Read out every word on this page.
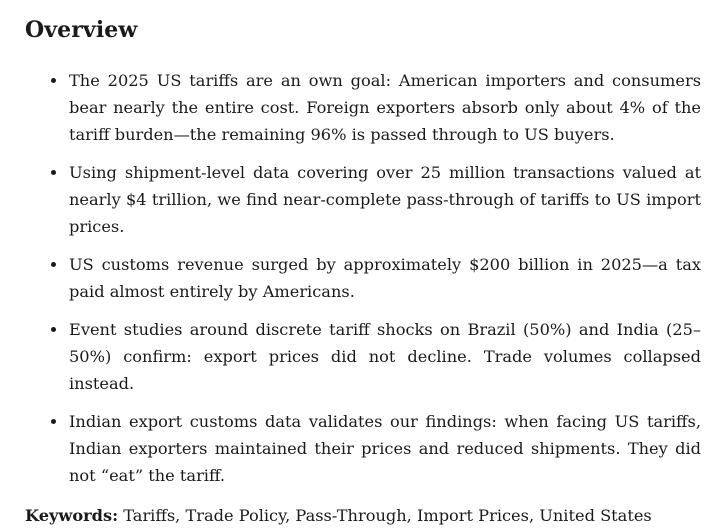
Overview
The 2025 US tariffs are an own goal: American importers and consumers bear nearly the entire cost. Foreign exporters absorb only about 4% of the tariff burden—the remaining 96% is passed through to US buyers.
Using shipment-level data covering over 25 million transactions valued at nearly $4 trillion, we find near-complete pass-through of tariffs to US import prices.
US customs revenue surged by approximately $200 billion in 2025—a tax paid almost entirely by Americans.
Event studies around discrete tariff shocks on Brazil (50%) and India (25–50%) confirm: export prices did not decline. Trade volumes collapsed instead.
Indian export customs data validates our findings: when facing US tariffs, Indian exporters maintained their prices and reduced shipments. They did not “eat” the tariff.
Keywords: Tariffs, Trade Policy, Pass-Through, Import Prices, United States
